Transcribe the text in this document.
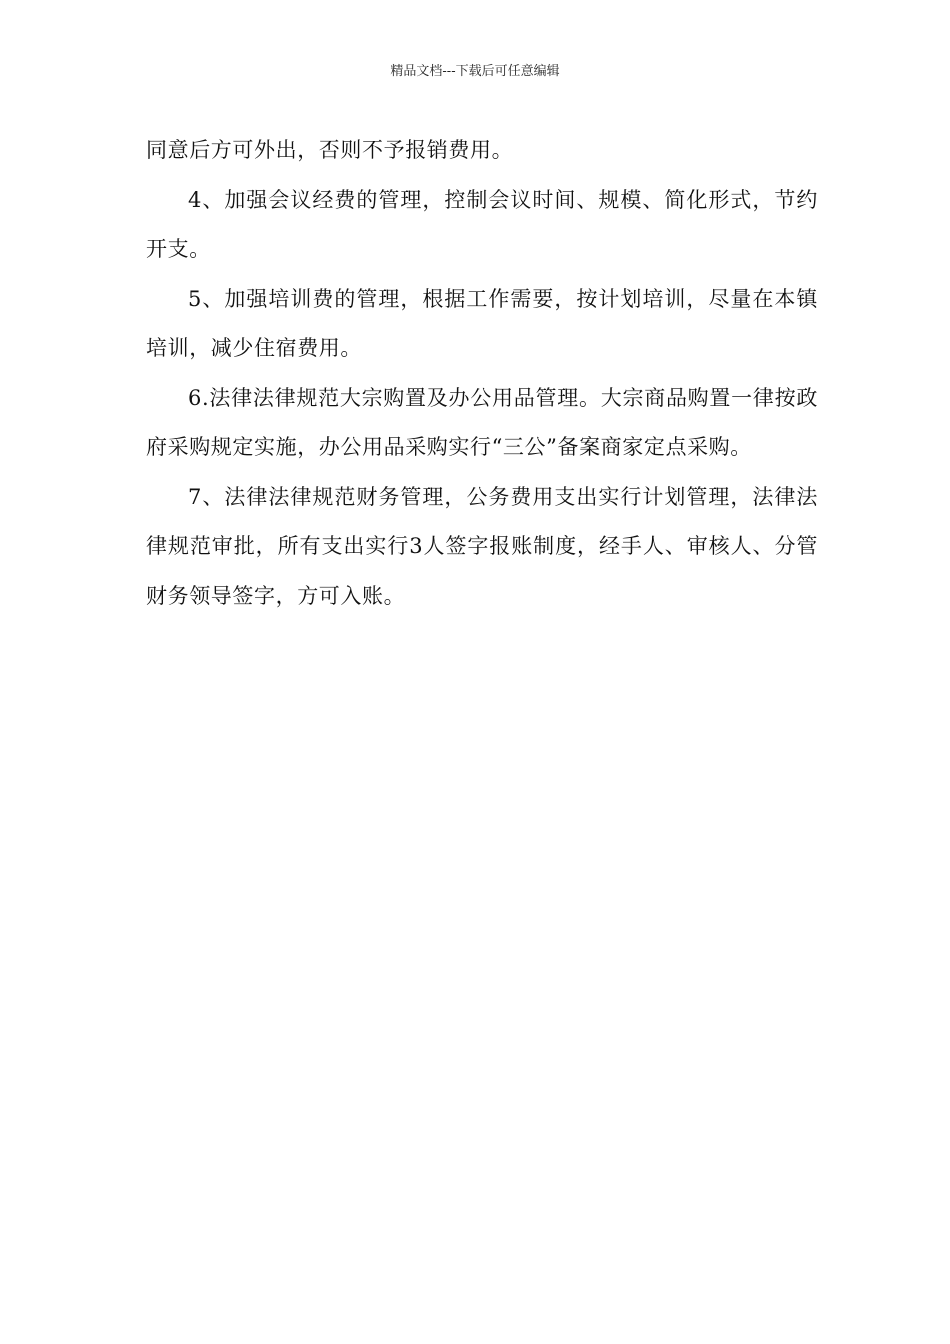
精品文档---下载后可任意编辑

同意后方可外出，否则不予报销费用。

4、加强会议经费的管理，控制会议时间、规模、简化形式，节约开支。

5、加强培训费的管理，根据工作需要，按计划培训，尽量在本镇培训，减少住宿费用。

6.法律法律规范大宗购置及办公用品管理。大宗商品购置一律按政府采购规定实施，办公用品采购实行“三公”备案商家定点采购。

7、法律法律规范财务管理，公务费用支出实行计划管理，法律法律规范审批，所有支出实行3人签字报账制度，经手人、审核人、分管财务领导签字，方可入账。
